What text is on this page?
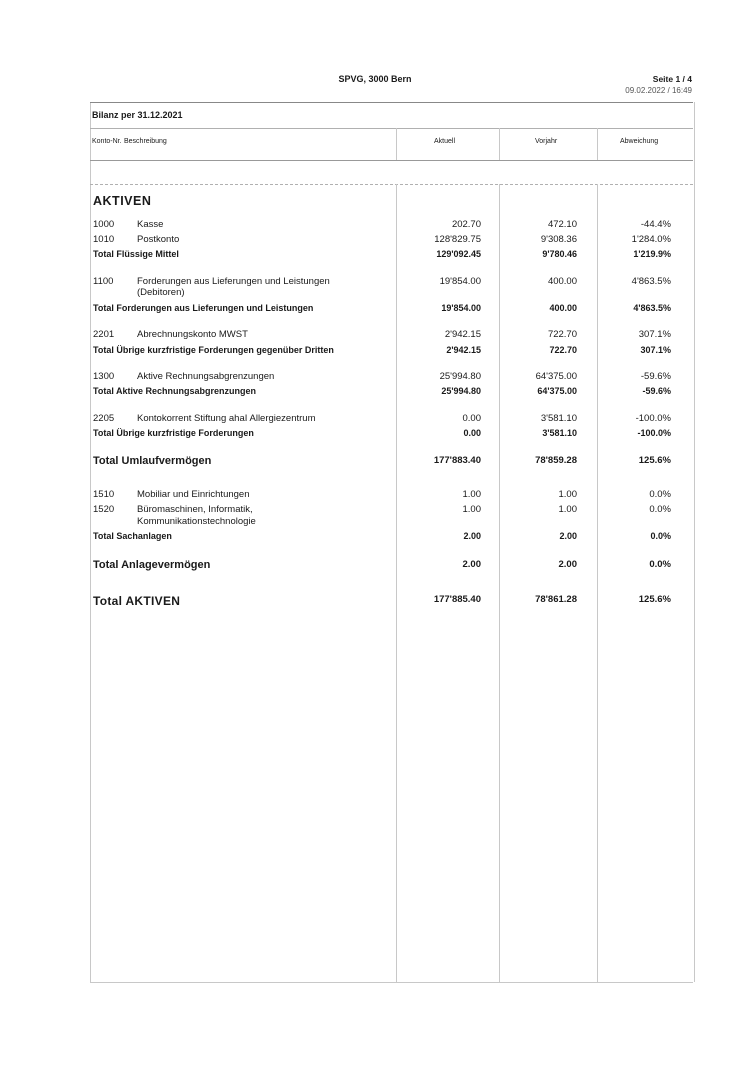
SPVG, 3000 Bern	Seite 1 / 4
09.02.2022 / 16:49
Bilanz per 31.12.2021
Konto-Nr. Beschreibung	Aktuell	Vorjahr	Abweichung
AKTIVEN
1000 Kasse	202.70	472.10	-44.4%
1010 Postkonto	128'829.75	9'308.36	1'284.0%
Total Flüssige Mittel	129'092.45	9'780.46	1'219.9%
1100 Forderungen aus Lieferungen und Leistungen	19'854.00	400.00	4'863.5%
(Debitoren)
Total Forderungen aus Lieferungen und Leistungen	19'854.00	400.00	4'863.5%
2201 Abrechnungskonto MWST	2'942.15	722.70	307.1%
Total Übrige kurzfristige Forderungen gegenüber Dritten	2'942.15	722.70	307.1%
1300 Aktive Rechnungsabgrenzungen	25'994.80	64'375.00	-59.6%
Total Aktive Rechnungsabgrenzungen	25'994.80	64'375.00	-59.6%
2205 Kontokorrent Stiftung ahaI Allergiezentrum	0.00	3'581.10	-100.0%
Total Übrige kurzfristige Forderungen	0.00	3'581.10	-100.0%
Total Umlaufvermögen	177'883.40	78'859.28	125.6%
1510 Mobiliar und Einrichtungen	1.00	1.00	0.0%
1520 Büromaschinen, Informatik,	1.00	1.00	0.0%
Kommunikationstechnologie
Total Sachanlagen	2.00	2.00	0.0%
Total Anlagevermögen	2.00	2.00	0.0%
Total AKTIVEN	177'885.40	78'861.28	125.6%
